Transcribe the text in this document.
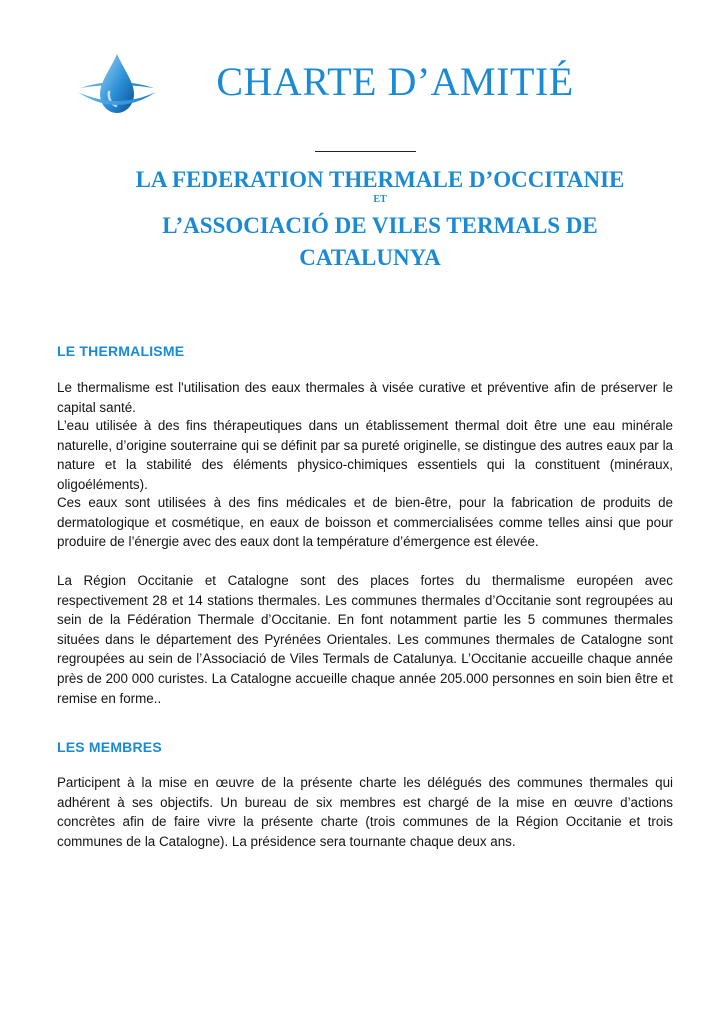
CHARTE D’AMITIÉ
LA FEDERATION THERMALE D’OCCITANIE
ET
L’ASSOCIACIÓ DE VILES TERMALS DE
CATALUNYA
LE THERMALISME

Le thermalisme est l'utilisation des eaux thermales à visée curative et préventive afin de préserver le capital santé.

L’eau utilisée à des fins thérapeutiques dans un établissement thermal doit être une eau minérale naturelle, d’origine souterraine qui se définit par sa pureté originelle, se distingue des autres eaux par la nature et la stabilité des éléments physico-chimiques essentiels qui la constituent (minéraux, oligoéléments).

Ces eaux sont utilisées à des fins médicales et de bien-être, pour la fabrication de produits de dermatologique et cosmétique, en eaux de boisson et commercialisées comme telles ainsi que pour produire de l’énergie avec des eaux dont la température d’émergence est élevée.

La Région Occitanie et Catalogne sont des places fortes du thermalisme européen avec respectivement 28 et 14 stations thermales. Les communes thermales d’Occitanie sont regroupées au sein de la Fédération Thermale d’Occitanie. En font notamment partie les 5 communes thermales situées dans le département des Pyrénées Orientales. Les communes thermales de Catalogne sont regroupées au sein de l’Associació de Viles Termals de Catalunya. L’Occitanie accueille chaque année près de 200 000 curistes. La Catalogne accueille chaque année 205.000 personnes en soin bien être et remise en forme..

LES MEMBRES

Participent à la mise en œuvre de la présente charte les délégués des communes thermales qui adhérent à ses objectifs. Un bureau de six membres est chargé de la mise en œuvre d’actions concrètes afin de faire vivre la présente charte (trois communes de la Région Occitanie et trois communes de la Catalogne). La présidence sera tournante chaque deux ans.
